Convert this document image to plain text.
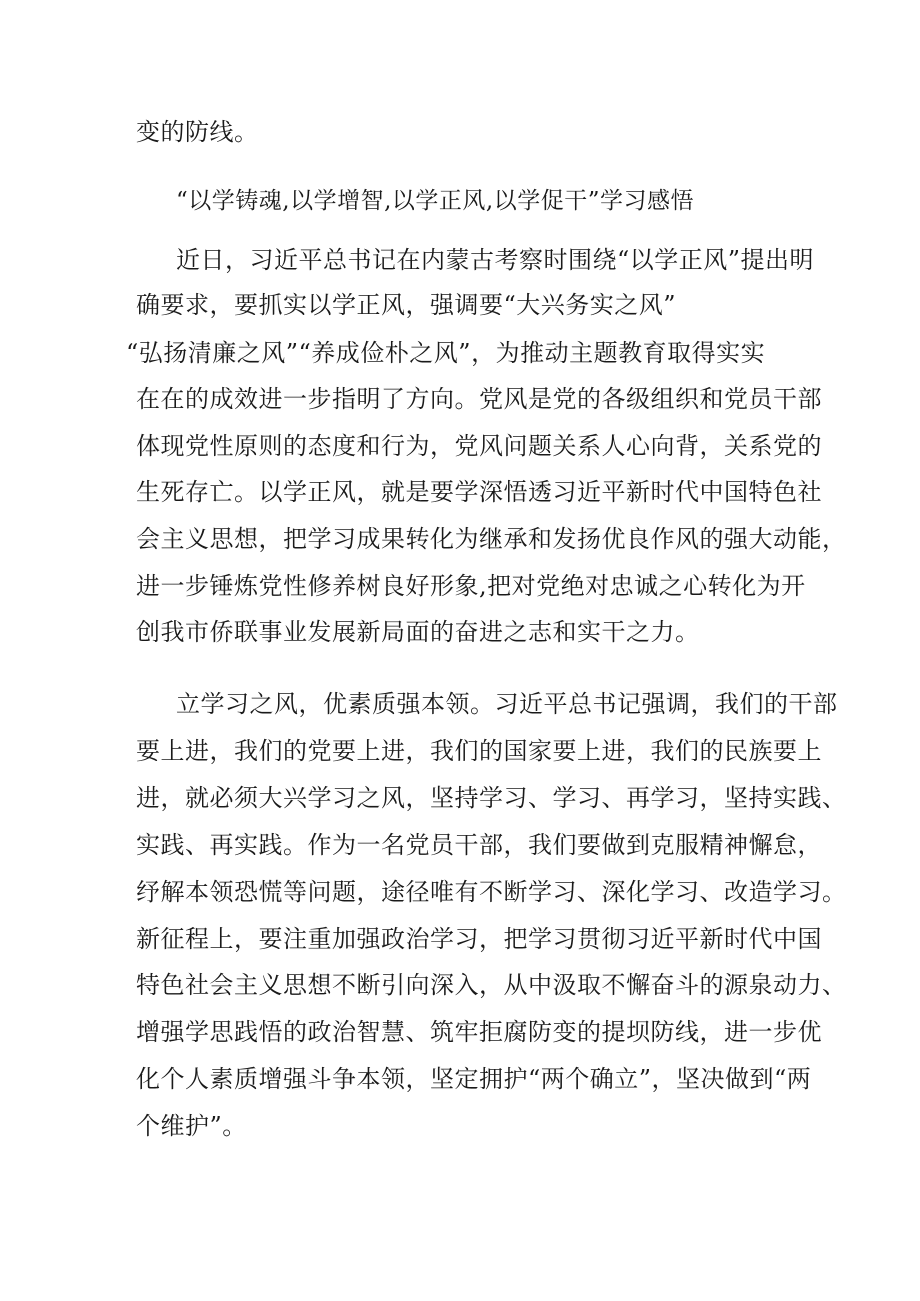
变的防线。
“以学铸魂,以学增智,以学正风,以学促干”学习感悟
近日，习近平总书记在内蒙古考察时围绕“以学正风”提出明
确要求，要抓实以学正风，强调要“大兴务实之风”
“弘扬清廉之风”“养成俭朴之风”，为推动主题教育取得实实
在在的成效进一步指明了方向。党风是党的各级组织和党员干部
体现党性原则的态度和行为，党风问题关系人心向背，关系党的
生死存亡。以学正风，就是要学深悟透习近平新时代中国特色社
会主义思想，把学习成果转化为继承和发扬优良作风的强大动能，
进一步锤炼党性修养树良好形象,把对党绝对忠诚之心转化为开
创我市侨联事业发展新局面的奋进之志和实干之力。
立学习之风，优素质强本领。习近平总书记强调，我们的干部
要上进，我们的党要上进，我们的国家要上进，我们的民族要上
进，就必须大兴学习之风，坚持学习、学习、再学习，坚持实践、
实践、再实践。作为一名党员干部，我们要做到克服精神懈怠，
纾解本领恐慌等问题，途径唯有不断学习、深化学习、改造学习。
新征程上，要注重加强政治学习，把学习贯彻习近平新时代中国
特色社会主义思想不断引向深入，从中汲取不懈奋斗的源泉动力、
增强学思践悟的政治智慧、筑牢拒腐防变的提坝防线，进一步优
化个人素质增强斗争本领，坚定拥护“两个确立”，坚决做到“两
个维护”。
